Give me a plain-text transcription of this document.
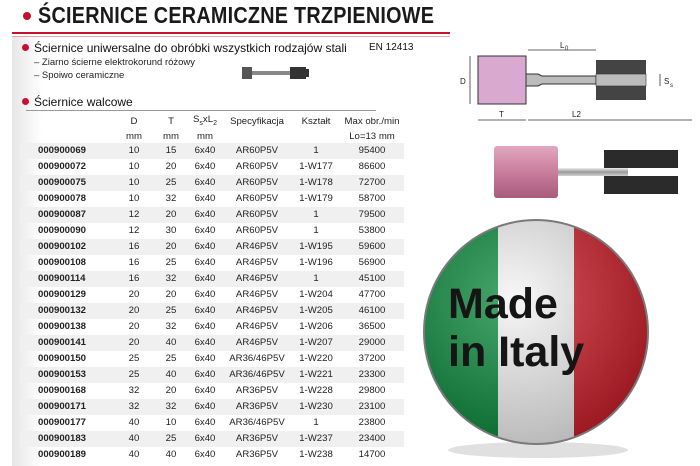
ŚCIERNICE CERAMICZNE TRZPIENIOWE
Ściernice uniwersalne do obróbki wszystkich rodzajów stali EN 12413
– Ziarno ścierne elektrokorund różowy
– Spoiwo ceramiczne
Ściernice walcowe
	D	T	$S_sxL_2$	Specyfikacja	Kształt	Max obr./min
	mm	mm	mm			Lo=13 mm
000900069	10	15	6x40	AR60P5V	1	95400
000900072	10	20	6x40	AR60P5V	1-W177	86600
000900075	10	25	6x40	AR60P5V	1-W178	72700
000900078	10	32	6x40	AR60P5V	1-W179	58700
000900087	12	20	6x40	AR60P5V	1	79500
000900090	12	30	6x40	AR60P5V	1	53800
000900102	16	20	6x40	AR46P5V	1-W195	59600
000900108	16	25	6x40	AR46P5V	1-W196	56900
000900114	16	32	6x40	AR46P5V	1	45100
000900129	20	20	6x40	AR46P5V	1-W204	47700
000900132	20	25	6x40	AR46P5V	1-W205	46100
000900138	20	32	6x40	AR46P5V	1-W206	36500
000900141	20	40	6x40	AR46P5V	1-W207	29000
000900150	25	25	6x40	AR36/46P5V	1-W220	37200
000900153	25	40	6x40	AR36/46P5V	1-W221	23300
000900168	32	20	6x40	AR36P5V	1-W228	29800
000900171	32	32	6x40	AR36P5V	1-W230	23100
000900177	40	10	6x40	AR36/46P5V	1	23800
000900183	40	25	6x40	AR36P5V	1-W237	23400
000900189	40	40	6x40	AR36P5V	1-W238	14700
D
L 0
T	L2
S s
Made
in Italy
